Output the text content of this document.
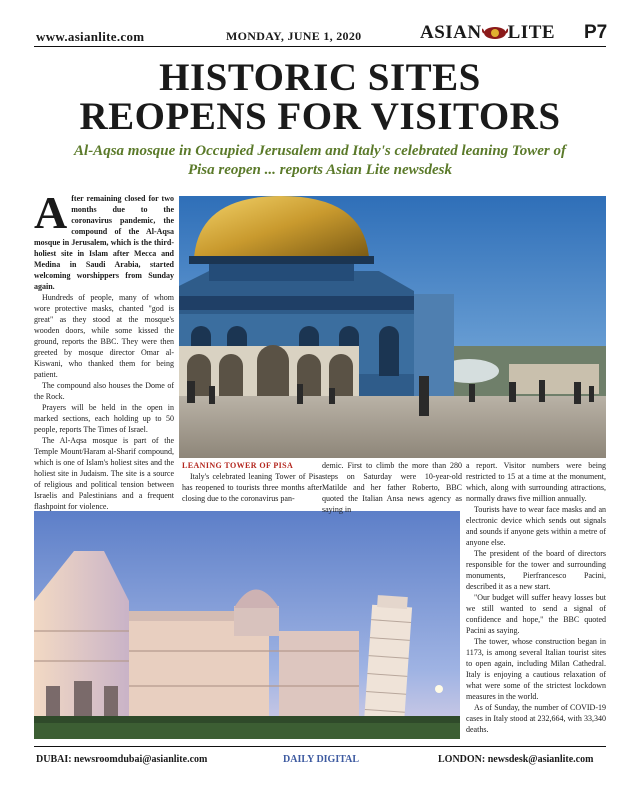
www.asianlite.com	MONDAY, JUNE 1, 2020	ASIAN LITE P7
HISTORIC SITES
REOPENS FOR VISITORS
Al-Aqsa mosque in Occupied Jerusalem and Italy's celebrated leaning Tower of Pisa reopen ... reports Asian Lite newsdesk
A fter remaining closed for two months due to the coronavirus pandemic, the compound of the Al-Aqsa mosque in Jerusalem, which is the third-holiest site in Islam after Mecca and Medina in Saudi Arabia, started welcoming worshippers from Sunday again.

Hundreds of people, many of whom wore protective masks, chanted "god is great" as they stood at the mosque's wooden doors, while some kissed the ground, reports the BBC. They were then greeted by mosque director Omar al-Kiswani, who thanked them for being patient.

The compound also houses the Dome of the Rock.

Prayers will be held in the open in marked sections, each holding up to 50 people, reports The Times of Israel.

The Al-Aqsa mosque is part of the Temple Mount/Haram al-Sharif compound, which is one of Islam's holiest sites and the holiest site in Judaism. The site is a source of religious and political tension between Israelis and Palestinians and a frequent flashpoint for violence.

LEANING TOWER OF PISA

Italy's celebrated leaning Tower of Pisa has reopened to tourists three months after closing due to the coronavirus pan-

demic. First to climb the more than 280 steps on Saturday were 10-year-old Matilde and her father Roberto, BBC quoted the Italian Ansa news agency as saying in

a report. Visitor numbers were being restricted to 15 at a time at the monument, which, along with surrounding attractions, normally draws five million annually.

Tourists have to wear face masks and an electronic device which sends out signals and sounds if anyone gets within a metre of anyone else.

The president of the board of directors responsible for the tower and surrounding monuments, Pierfrancesco Pacini, described it as a new start.

"Our budget will suffer heavy losses but we still wanted to send a signal of confidence and hope," the BBC quoted Pacini as saying.

The tower, whose construction began in 1173, is among several Italian tourist sites to open again, including Milan Cathedral. Italy is enjoying a cautious relaxation of what were some of the strictest lockdown measures in the world.

As of Sunday, the number of COVID-19 cases in Italy stood at 232,664, with 33,340 deaths.

DUBAI: newsroomdubai@asianlite.com	DAILY DIGITAL	LONDON: newsdesk@asianlite.com
